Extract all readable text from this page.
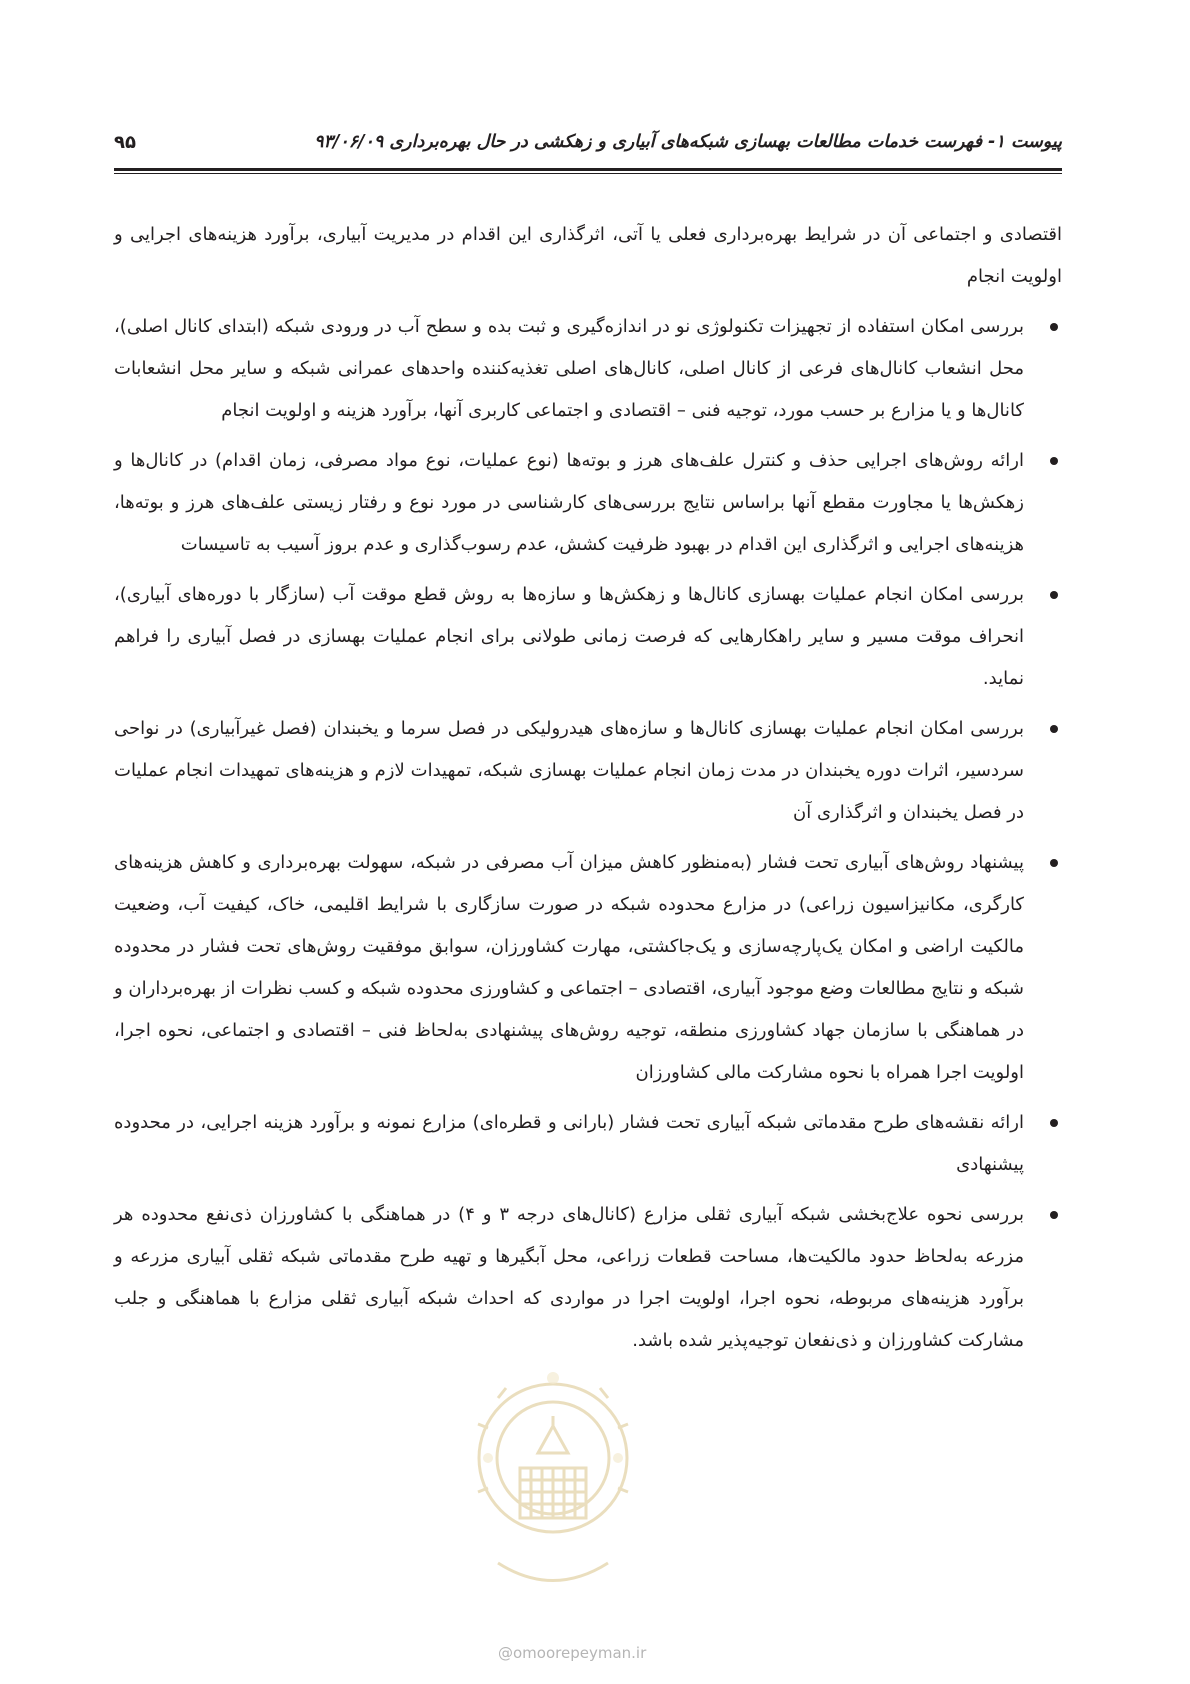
پیوست ۱- فهرست خدمات مطالعات بهسازی شبکه‌های آبیاری و زهکشی در حال بهره‌برداری ۹۳/۰۶/۰۹
۹۵

اقتصادی و اجتماعی آن در شرایط بهره‌برداری فعلی یا آتی، اثرگذاری این اقدام در مدیریت آبیاری، برآورد هزینه‌های اجرایی و اولویت انجام

بررسی امکان استفاده از تجهیزات تکنولوژی نو در اندازه‌گیری و ثبت بده و سطح آب در ورودی شبکه (ابتدای کانال اصلی)، محل انشعاب کانال‌های فرعی از کانال اصلی، کانال‌های اصلی تغذیه‌کننده واحدهای عمرانی شبکه و سایر محل انشعابات کانال‌ها و یا مزارع بر حسب مورد، توجیه فنی – اقتصادی و اجتماعی کاربری آنها، برآورد هزینه و اولویت انجام
ارائه روش‌های اجرایی حذف و کنترل علف‌های هرز و بوته‌ها (نوع عملیات، نوع مواد مصرفی، زمان اقدام) در کانال‌ها و زهکش‌ها یا مجاورت مقطع آنها براساس نتایج بررسی‌های کارشناسی در مورد نوع و رفتار زیستی علف‌های هرز و بوته‌ها، هزینه‌های اجرایی و اثرگذاری این اقدام در بهبود ظرفیت کشش، عدم رسوب‌گذاری و عدم بروز آسیب به تاسیسات
بررسی امکان انجام عملیات بهسازی کانال‌ها و زهکش‌ها و سازه‌ها به روش قطع موقت آب (سازگار با دوره‌های آبیاری)، انحراف موقت مسیر و سایر راهکارهایی که فرصت زمانی طولانی برای انجام عملیات بهسازی در فصل آبیاری را فراهم نماید.
بررسی امکان انجام عملیات بهسازی کانال‌ها و سازه‌های هیدرولیکی در فصل سرما و یخبندان (فصل غیرآبیاری) در نواحی سردسیر، اثرات دوره یخبندان در مدت زمان انجام عملیات بهسازی شبکه، تمهیدات لازم و هزینه‌های تمهیدات انجام عملیات در فصل یخبندان و اثرگذاری آن
پیشنهاد روش‌های آبیاری تحت فشار (به‌منظور کاهش میزان آب مصرفی در شبکه، سهولت بهره‌برداری و کاهش هزینه‌های کارگری، مکانیزاسیون زراعی) در مزارع محدوده شبکه در صورت سازگاری با شرایط اقلیمی، خاک، کیفیت آب، وضعیت مالکیت اراضی و امکان یک‌پارچه‌سازی و یک‌جاکشتی، مهارت کشاورزان، سوابق موفقیت روش‌های تحت فشار در محدوده شبکه و نتایج مطالعات وضع موجود آبیاری، اقتصادی – اجتماعی و کشاورزی محدوده شبکه و کسب نظرات از بهره‌برداران و در هماهنگی با سازمان جهاد کشاورزی منطقه، توجیه روش‌های پیشنهادی به‌لحاظ فنی – اقتصادی و اجتماعی، نحوه اجرا، اولویت اجرا همراه با نحوه مشارکت مالی کشاورزان
ارائه نقشه‌های طرح مقدماتی شبکه آبیاری تحت فشار (بارانی و قطره‌ای) مزارع نمونه و برآورد هزینه اجرایی، در محدوده پیشنهادی
بررسی نحوه علاج‌بخشی شبکه آبیاری ثقلی مزارع (کانال‌های درجه ۳ و ۴) در هماهنگی با کشاورزان ذی‌نفع محدوده هر مزرعه به‌لحاظ حدود مالکیت‌ها، مساحت قطعات زراعی، محل آبگیرها و تهیه طرح مقدماتی شبکه ثقلی آبیاری مزرعه و برآورد هزینه‌های مربوطه، نحوه اجرا، اولویت اجرا در مواردی که احداث شبکه آبیاری ثقلی مزارع با هماهنگی و جلب مشارکت کشاورزان و ذی‌نفعان توجیه‌پذیر شده باشد.
@omoorepeyman.ir
